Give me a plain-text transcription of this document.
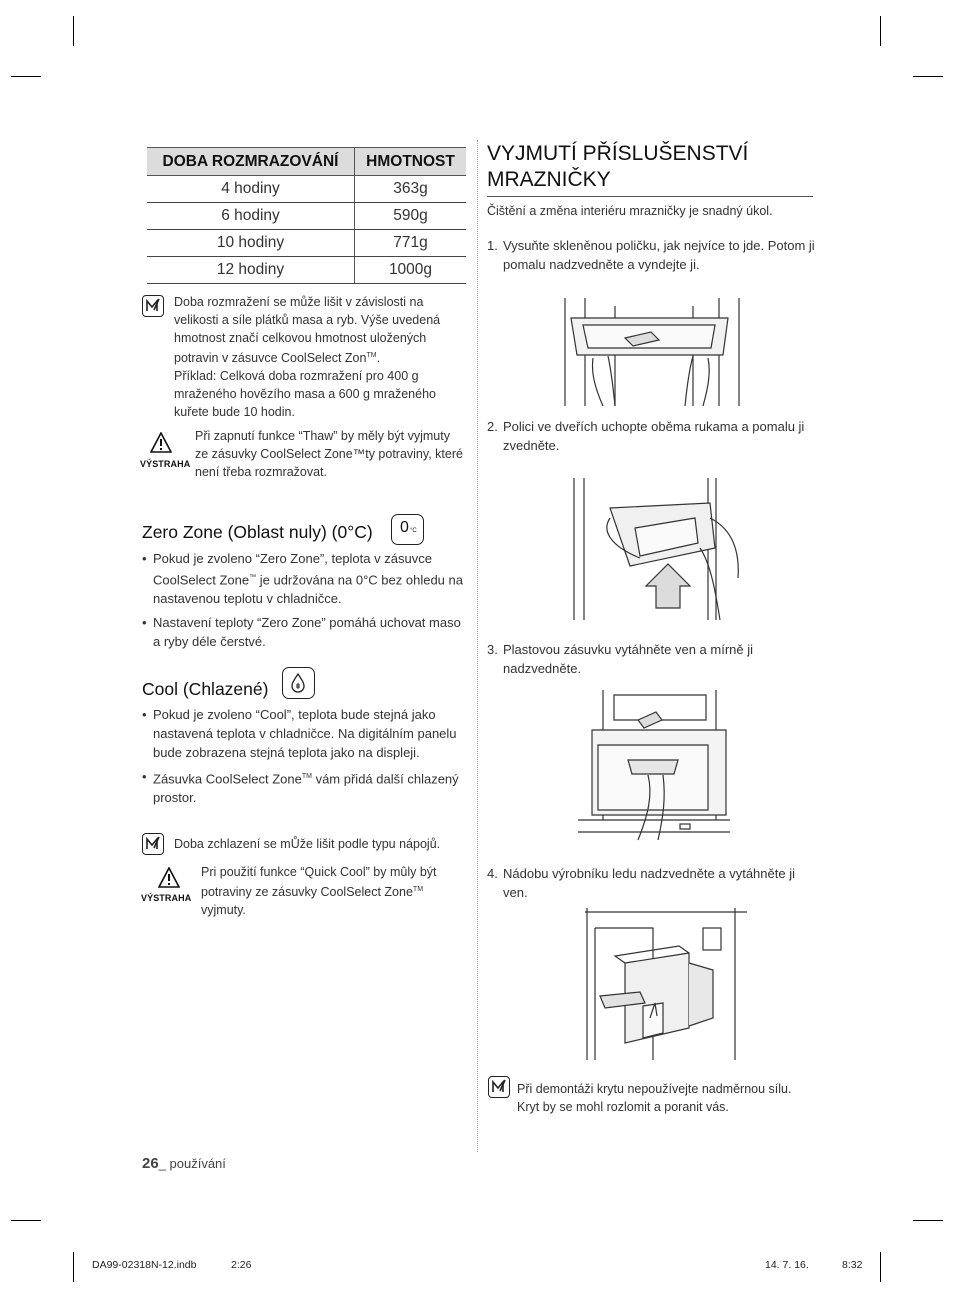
DOBA ROZMRAZOVÁNÍ	HMOTNOST
4 hodiny	363g
6 hodiny	590g
10 hodiny	771g
12 hodiny	1000g
Doba rozmražení se může lišit v závislosti na velikosti a síle plátků masa a ryb. Výše uvedená hmotnost značí celkovou hmotnost uložených potravin v zásuvce CoolSelect Zon™.
Příklad: Celková doba rozmražení pro 400 g mraženého hovězího masa a 600 g mraženého kuřete bude 10 hodin.
VÝSTRAHA
Při zapnutí funkce “Thaw” by měly být vyjmuty ze zásuvky CoolSelect Zone™ty potraviny, které není třeba rozmražovat.
Zero Zone (Oblast nuly) (0°C) 0 °C
• Pokud je zvoleno “Zero Zone”, teplota v zásuvce CoolSelect Zone™ je udržována na 0°C bez ohledu na nastavenou teplotu v chladničce.
• Nastavení teploty “Zero Zone” pomáhá uchovat maso a ryby déle čerstvé.
Cool (Chlazené)
• Pokud je zvoleno “Cool”, teplota bude stejná jako nastavená teplota v chladničce. Na digitálním panelu bude zobrazena stejná teplota jako na displeji.
• Zásuvka CoolSelect Zone™ vám přidá další chlazený prostor.
Doba zchlazení se mŮže lišit podle typu nápojů.
VÝSTRAHA
Pri použití funkce “Quick Cool” by mûly být potraviny ze zásuvky CoolSelect Zone™ vyjmuty.
26_ používání
DA99-02318N-12.indb	2:26	14. 7. 16.	8:32
VYJMUTÍ PŘÍSLUŠENSTVÍ MRAZNIČKY
Čištění a změna interiéru mrazničky je snadný úkol.
1. Vysuňte skleněnou poličku, jak nejvíce to jde. Potom ji pomalu nadzvedněte a vyndejte ji.
2. Polici ve dveřích uchopte oběma rukama a pomalu ji zvedněte.
3. Plastovou zásuvku vytáhněte ven a mírně ji nadzvedněte.
4. Nádobu výrobníku ledu nadzvedněte a vytáhněte ji ven.
Při demontáži krytu nepoužívejte nadměrnou sílu. Kryt by se mohl rozlomit a poranit vás.
